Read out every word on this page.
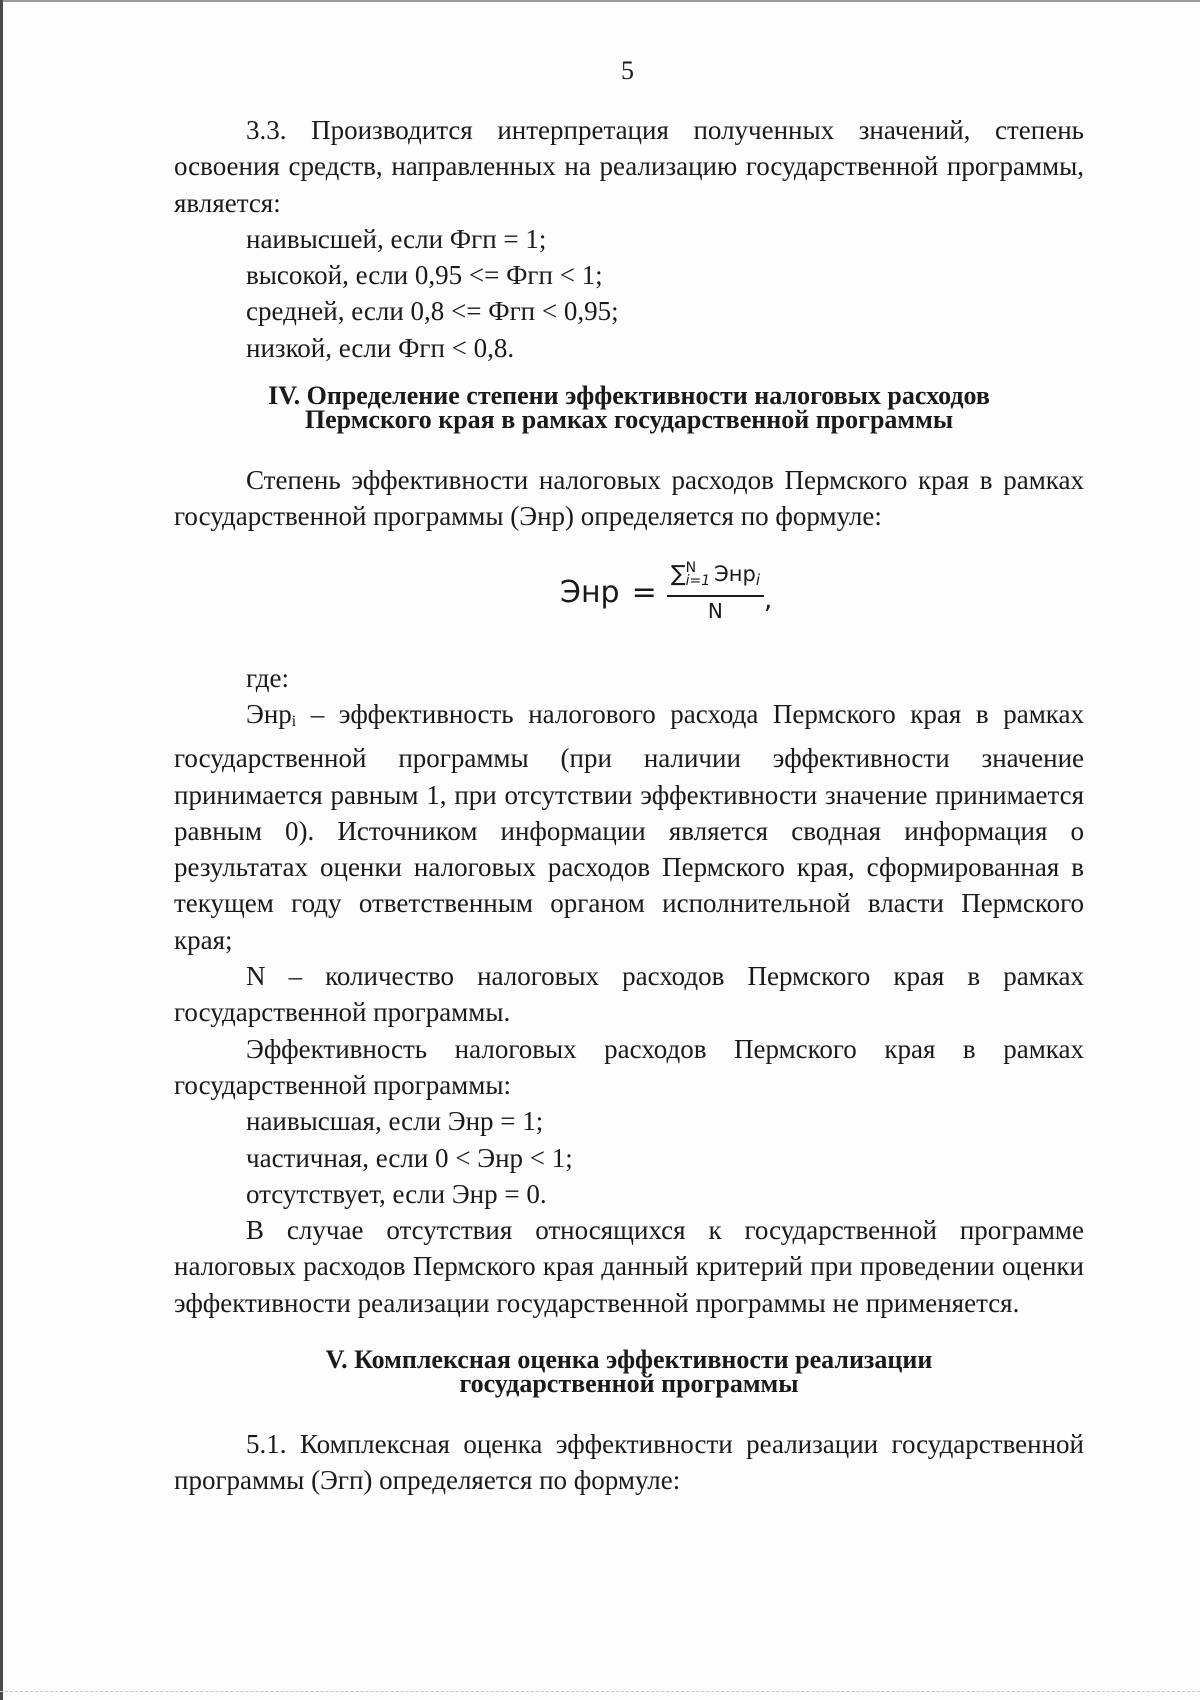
5

3.3. Производится интерпретация полученных значений, степень освоения средств, направленных на реализацию государственной программы, является:

наивысшей, если Фгп = 1;

высокой, если 0,95 <= Фгп < 1;

средней, если 0,8 <= Фгп < 0,95;

низкой, если Фгп < 0,8.

IV. Определение степени эффективности налоговых расходов
Пермского края в рамках государственной программы

Степень эффективности налоговых расходов Пермского края в рамках государственной программы (Энр) определяется по формуле:

Энр = ∑ N
i=1 Энрi
N ,

где:

Энр$_i$ – эффективность налогового расхода Пермского края в рамках государственной программы (при наличии эффективности значение принимается равным 1, при отсутствии эффективности значение принимается равным 0). Источником информации является сводная информация о результатах оценки налоговых расходов Пермского края, сформированная в текущем году ответственным органом исполнительной власти Пермского края;

N – количество налоговых расходов Пермского края в рамках государственной программы.

Эффективность налоговых расходов Пермского края в рамках государственной программы:

наивысшая, если Энр = 1;

частичная, если 0 < Энр < 1;

отсутствует, если Энр = 0.

В случае отсутствия относящихся к государственной программе налоговых расходов Пермского края данный критерий при проведении оценки эффективности реализации государственной программы не применяется.

V. Комплексная оценка эффективности реализации
государственной программы

5.1. Комплексная оценка эффективности реализации государственной программы (Эгп) определяется по формуле:
